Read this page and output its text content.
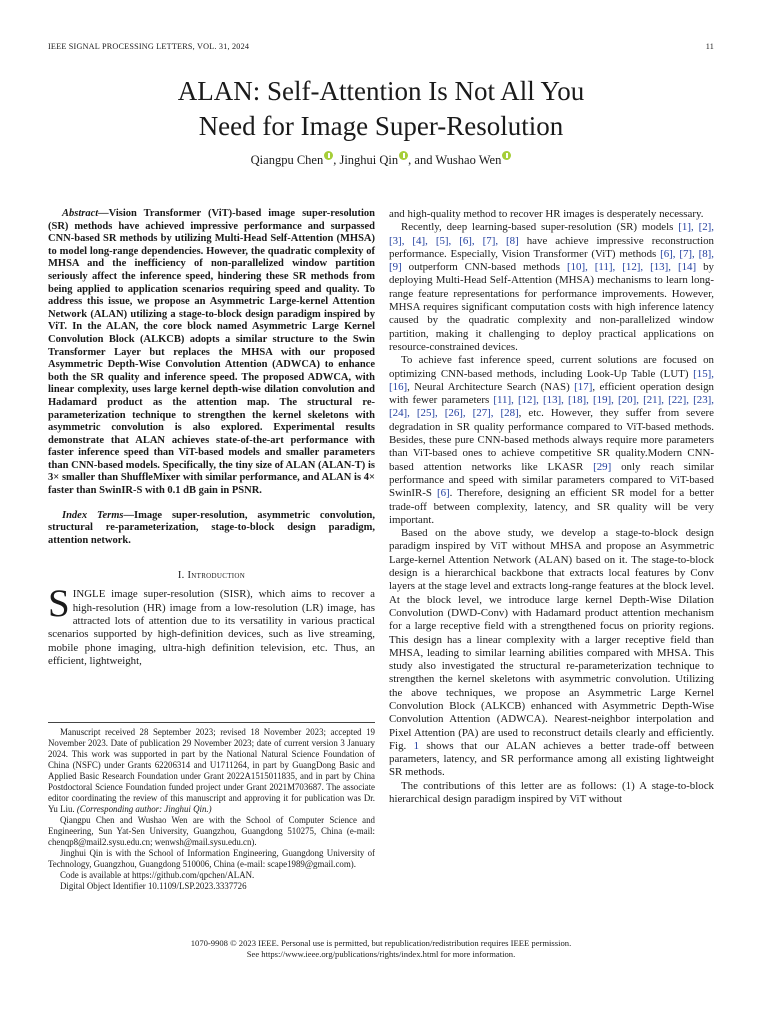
IEEE SIGNAL PROCESSING LETTERS, VOL. 31, 2024	11
ALAN: Self-Attention Is Not All You
Need for Image Super-Resolution
Qiangpu Chen , Jinghui Qin , and Wushao Wen

Abstract—Vision Transformer (ViT)-based image super-resolution (SR) methods have achieved impressive performance and surpassed CNN-based SR methods by utilizing Multi-Head Self-Attention (MHSA) to model long-range dependencies. However, the quadratic complexity of MHSA and the inefficiency of non-parallelized window partition seriously affect the inference speed, hindering these SR methods from being applied to application scenarios requiring speed and quality. To address this issue, we propose an Asymmetric Large-kernel Attention Network (ALAN) utilizing a stage-to-block design paradigm inspired by ViT. In the ALAN, the core block named Asymmetric Large Kernel Convolution Block (ALKCB) adopts a similar structure to the Swin Transformer Layer but replaces the MHSA with our proposed Asymmetric Depth-Wise Convolution Attention (ADWCA) to enhance both the SR quality and inference speed. The proposed ADWCA, with linear complexity, uses large kernel depth-wise dilation convolution and Hadamard product as the attention map. The structural re-parameterization technique to strengthen the kernel skeletons with asymmetric convolution is also explored. Experimental results demonstrate that ALAN achieves state-of-the-art performance with faster inference speed than ViT-based models and smaller parameters than CNN-based models. Specifically, the tiny size of ALAN (ALAN-T) is 3× smaller than ShuffleMixer with similar performance, and ALAN is 4× faster than SwinIR-S with 0.1 dB gain in PSNR.

Index Terms—Image super-resolution, asymmetric convolution, structural re-parameterization, stage-to-block design paradigm, attention network.

I. Introduction

SINGLE image super-resolution (SISR), which aims to recover a high-resolution (HR) image from a low-resolution (LR) image, has attracted lots of attention due to its versatility in various practical scenarios supported by high-definition devices, such as live streaming, mobile phone imaging, ultra-high definition television, etc. Thus, an efficient, lightweight,

Manuscript received 28 September 2023; revised 18 November 2023; accepted 19 November 2023. Date of publication 29 November 2023; date of current version 3 January 2024. This work was supported in part by the National Natural Science Foundation of China (NSFC) under Grants 62206314 and U1711264, in part by GuangDong Basic and Applied Basic Research Foundation under Grant 2022A1515011835, and in part by China Postdoctoral Science Foundation funded project under Grant 2021M703687. The associate editor coordinating the review of this manuscript and approving it for publication was Dr. Yu Liu. (Corresponding author: Jinghui Qin.)

Qiangpu Chen and Wushao Wen are with the School of Computer Science and Engineering, Sun Yat-Sen University, Guangzhou, Guangdong 510275, China (e-mail: chenqp8@mail2.sysu.edu.cn; wenwsh@mail.sysu.edu.cn).

Jinghui Qin is with the School of Information Engineering, Guangdong University of Technology, Guangzhou, Guangdong 510006, China (e-mail: scape1989@gmail.com).

Code is available at https://github.com/qpchen/ALAN.

Digital Object Identifier 10.1109/LSP.2023.3337726

and high-quality method to recover HR images is desperately necessary.

Recently, deep learning-based super-resolution (SR) models [1], [2], [3], [4], [5], [6], [7], [8] have achieve impressive reconstruction performance. Especially, Vision Transformer (ViT) methods [6], [7], [8], [9] outperform CNN-based methods [10], [11], [12], [13], [14] by deploying Multi-Head Self-Attention (MHSA) mechanisms to learn long-range feature representations for performance improvements. However, MHSA requires significant computation costs with high inference latency caused by the quadratic complexity and non-parallelized window partition, making it challenging to deploy practical applications on resource-constrained devices.

To achieve fast inference speed, current solutions are focused on optimizing CNN-based methods, including Look-Up Table (LUT) [15], [16], Neural Architecture Search (NAS) [17], efficient operation design with fewer parameters [11], [12], [13], [18], [19], [20], [21], [22], [23], [24], [25], [26], [27], [28], etc. However, they suffer from severe degradation in SR quality performance compared to ViT-based methods. Besides, these pure CNN-based methods always require more parameters than ViT-based ones to achieve competitive SR quality.Modern CNN-based attention networks like LKASR [29] only reach similar performance and speed with similar parameters compared to ViT-based SwinIR-S [6]. Therefore, designing an efficient SR model for a better trade-off between complexity, latency, and SR quality will be very important.

Based on the above study, we develop a stage-to-block design paradigm inspired by ViT without MHSA and propose an Asymmetric Large-kernel Attention Network (ALAN) based on it. The stage-to-block design is a hierarchical backbone that extracts local features by Conv layers at the stage level and extracts long-range features at the block level. At the block level, we introduce large kernel Depth-Wise Dilation Convolution (DWD-Conv) with Hadamard product attention mechanism for a large receptive field with a strengthened focus on priority regions. This design has a linear complexity with a larger receptive field than MHSA, leading to similar learning abilities compared with MHSA. This study also investigated the structural re-parameterization technique to strengthen the kernel skeletons with asymmetric convolution. Utilizing the above techniques, we propose an Asymmetric Large Kernel Convolution Block (ALKCB) enhanced with Asymmetric Depth-Wise Convolution Attention (ADWCA). Nearest-neighbor interpolation and Pixel Attention (PA) are used to reconstruct details clearly and efficiently. Fig. 1 shows that our ALAN achieves a better trade-off between parameters, latency, and SR performance among all existing lightweight SR methods.

The contributions of this letter are as follows: (1) A stage-to-block hierarchical design paradigm inspired by ViT without

1070-9908 © 2023 IEEE. Personal use is permitted, but republication/redistribution requires IEEE permission.
See https://www.ieee.org/publications/rights/index.html for more information.
